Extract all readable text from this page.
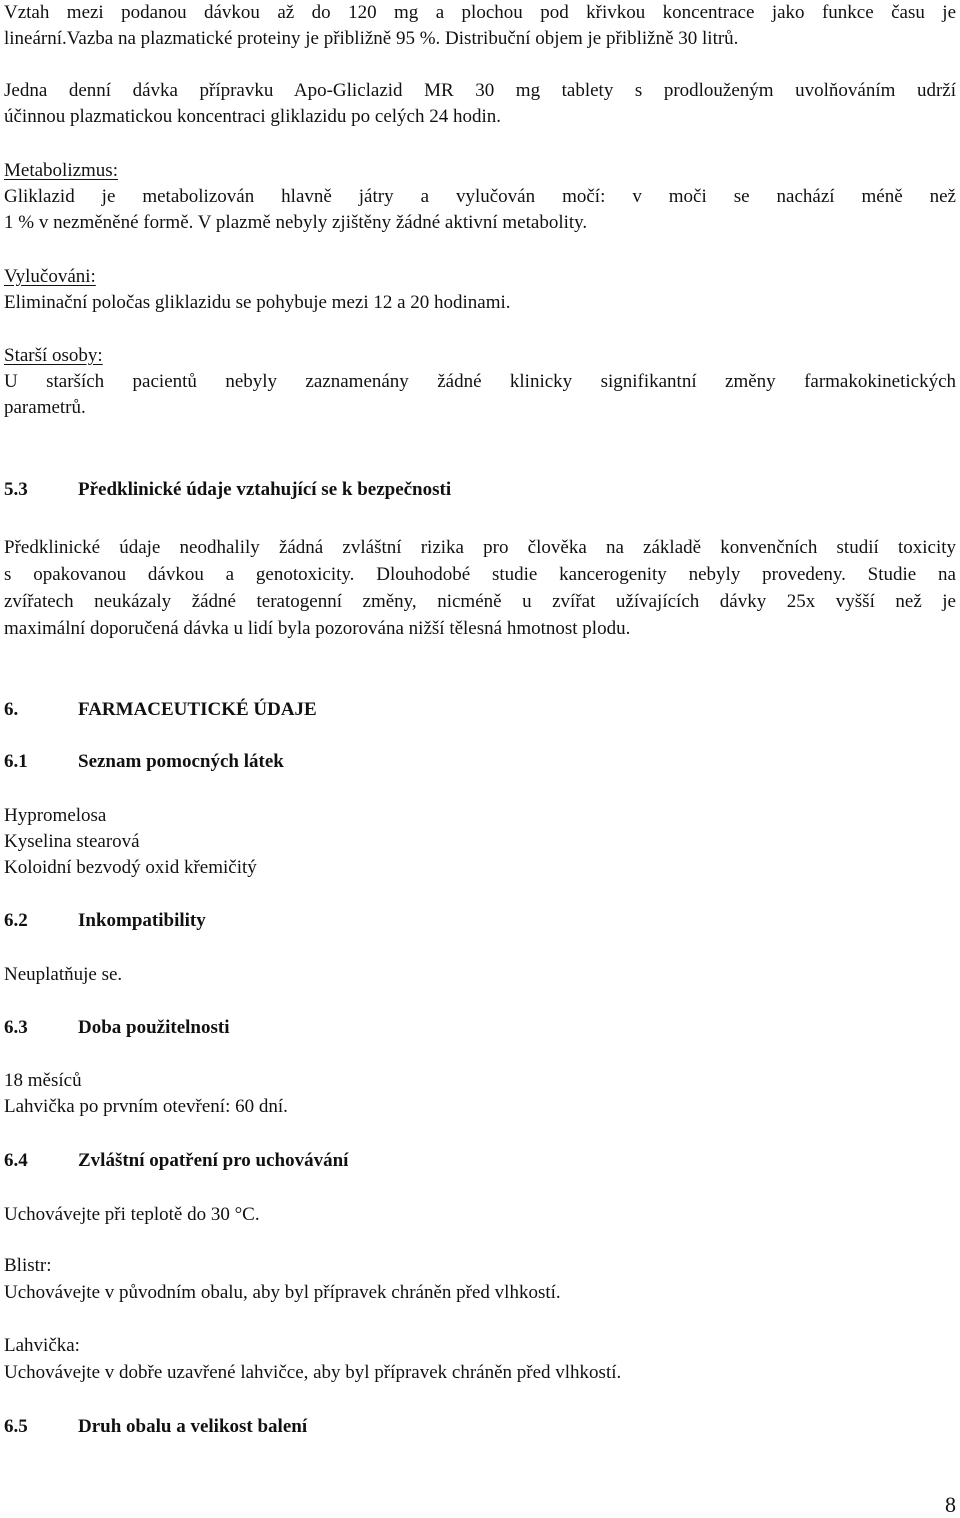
Vztah mezi podanou dávkou až do 120 mg a plochou pod křivkou koncentrace jako funkce času je
lineární.Vazba na plazmatické proteiny je přibližně 95 %. Distribuční objem je přibližně 30 litrů.
Jedna denní dávka přípravku Apo-Gliclazid MR 30 mg tablety s prodlouženým uvolňováním udrží
účinnou plazmatickou koncentraci gliklazidu po celých 24 hodin.
Metabolizmus:
Gliklazid je metabolizován hlavně játry a vylučován močí: v moči se nachází méně než
1 % v nezměněné formě. V plazmě nebyly zjištěny žádné aktivní metabolity.
Vylučováni:
Eliminační poločas gliklazidu se pohybuje mezi 12 a 20 hodinami.
Starší osoby:
U starších pacientů nebyly zaznamenány žádné klinicky signifikantní změny farmakokinetických
parametrů.
5.3	Předklinické údaje vztahující se k bezpečnosti
Předklinické údaje neodhalily žádná zvláštní rizika pro člověka na základě konvenčních studií toxicity
s opakovanou dávkou a genotoxicity. Dlouhodobé studie kancerogenity nebyly provedeny. Studie na
zvířatech neukázaly žádné teratogenní změny, nicméně u zvířat užívajících dávky 25x vyšší než je
maximální doporučená dávka u lidí byla pozorována nižší tělesná hmotnost plodu.
6.	FARMACEUTICKÉ ÚDAJE
6.1	Seznam pomocných látek
Hypromelosa
Kyselina stearová
Koloidní bezvodý oxid křemičitý
6.2	Inkompatibility
Neuplatňuje se.
6.3	Doba použitelnosti
18 měsíců
Lahvička po prvním otevření: 60 dní.
6.4	Zvláštní opatření pro uchovávání
Uchovávejte při teplotě do 30 °C.
Blistr:
Uchovávejte v původním obalu, aby byl přípravek chráněn před vlhkostí.
Lahvička:
Uchovávejte v dobře uzavřené lahvičce, aby byl přípravek chráněn před vlhkostí.
6.5	Druh obalu a velikost balení
8
